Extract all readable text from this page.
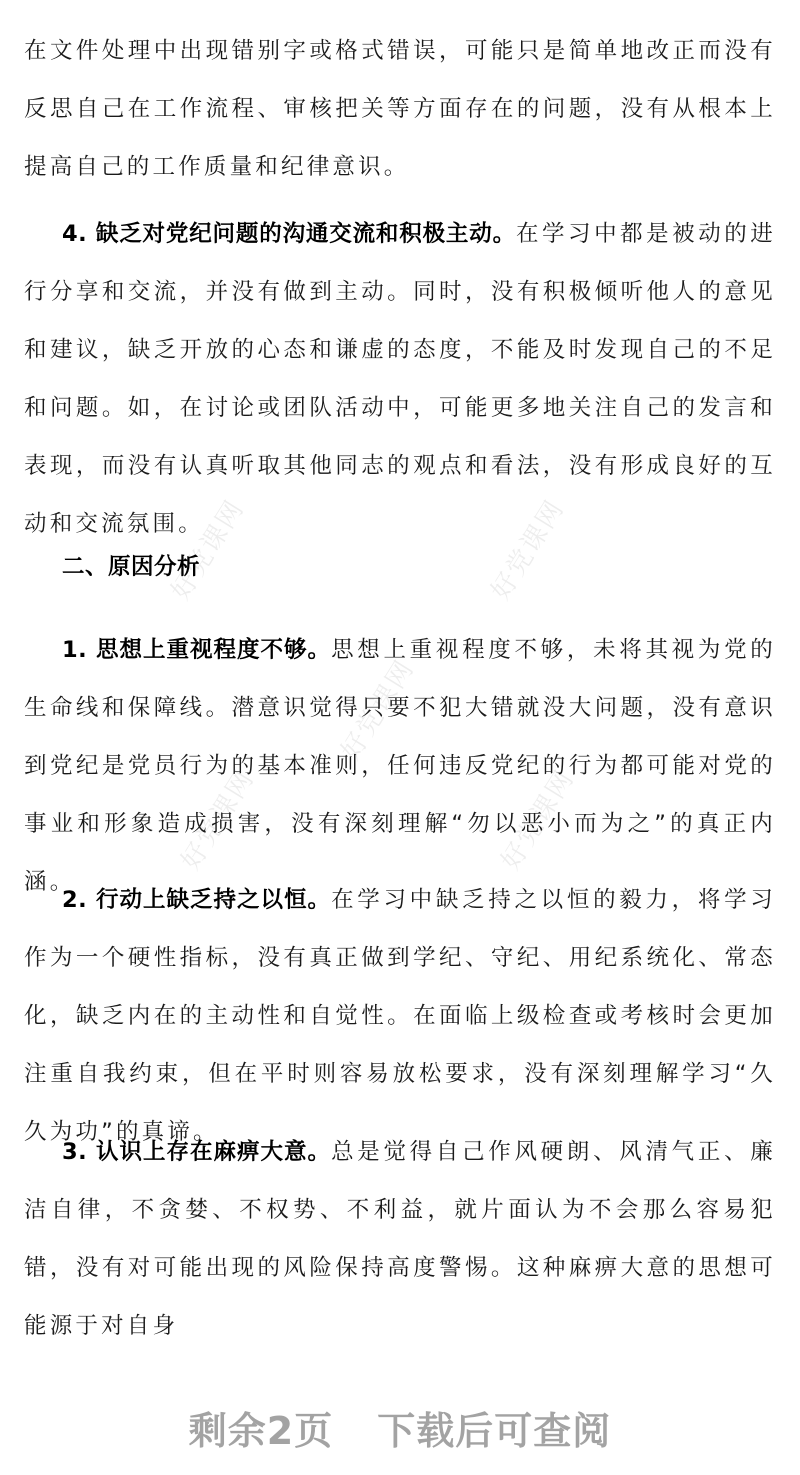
好党课网	好党课网
好党课网
好党课网	好党课网

在文件处理中出现错别字或格式错误，可能只是简单地改正而没有反思自己在工作流程、审核把关等方面存在的问题，没有从根本上提高自己的工作质量和纪律意识。

4. 缺乏对党纪问题的沟通交流和积极主动。在学习中都是被动的进行分享和交流，并没有做到主动。同时，没有积极倾听他人的意见和建议，缺乏开放的心态和谦虚的态度，不能及时发现自己的不足和问题。如，在讨论或团队活动中，可能更多地关注自己的发言和表现，而没有认真听取其他同志的观点和看法，没有形成良好的互动和交流氛围。

二、原因分析

1. 思想上重视程度不够。思想上重视程度不够，未将其视为党的生命线和保障线。潜意识觉得只要不犯大错就没大问题，没有意识到党纪是党员行为的基本准则，任何违反党纪的行为都可能对党的事业和形象造成损害，没有深刻理解“勿以恶小而为之”的真正内涵。

2. 行动上缺乏持之以恒。在学习中缺乏持之以恒的毅力，将学习作为一个硬性指标，没有真正做到学纪、守纪、用纪系统化、常态化，缺乏内在的主动性和自觉性。在面临上级检查或考核时会更加注重自我约束，但在平时则容易放松要求，没有深刻理解学习“久久为功”的真谛。

3. 认识上存在麻痹大意。总是觉得自己作风硬朗、风清气正、廉洁自律，不贪婪、不权势、不利益，就片面认为不会那么容易犯错，没有对可能出现的风险保持高度警惕。这种麻痹大意的思想可能源于对自身

剩余2页 下载后可查阅
